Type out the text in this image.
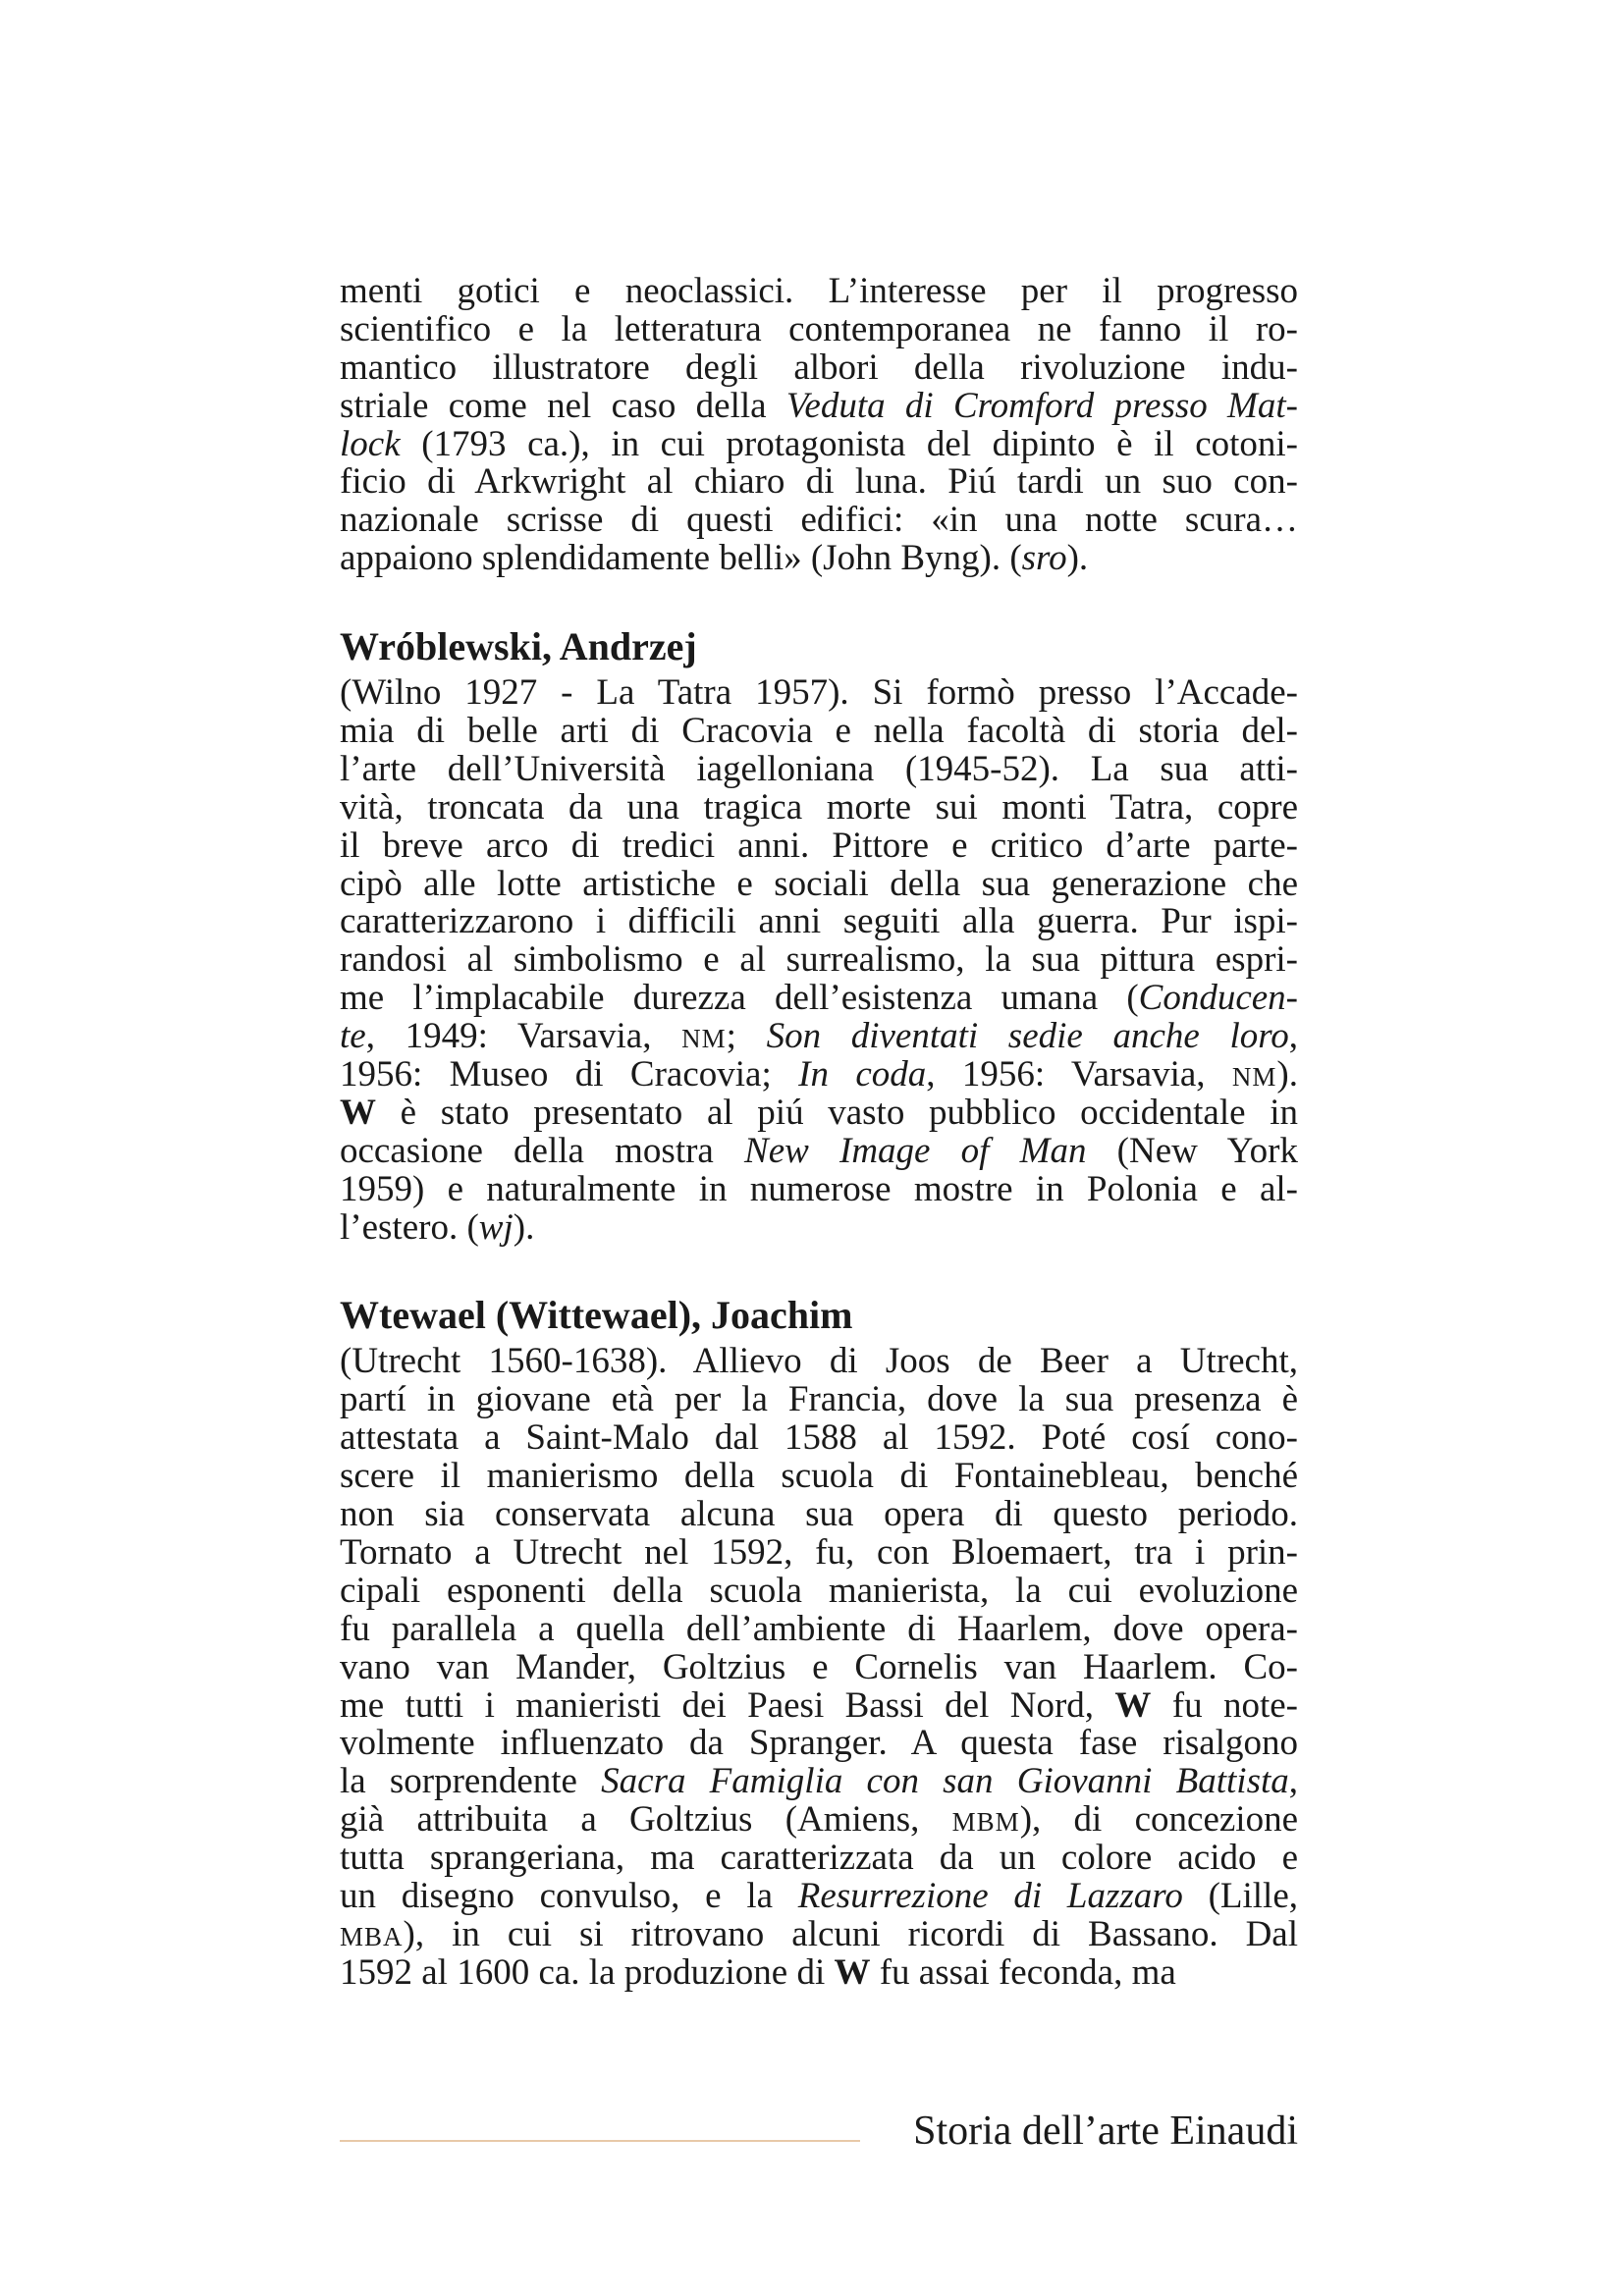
menti gotici e neoclassici. L’interesse per il progresso
scientifico e la letteratura contemporanea ne fanno il ro-
mantico illustratore degli albori della rivoluzione indu-
striale come nel caso della Veduta di Cromford presso Mat-
lock (1793 ca.), in cui protagonista del dipinto è il cotoni-
ficio di Arkwright al chiaro di luna. Piú tardi un suo con-
nazionale scrisse di questi edifici: «in una notte scura…
appaiono splendidamente belli» (John Byng). (sro).
Wróblewski, Andrzej
(Wilno 1927 - La Tatra 1957). Si formò presso l’Accade-
mia di belle arti di Cracovia e nella facoltà di storia del-
l’arte dell’Università iagelloniana (1945-52). La sua atti-
vità, troncata da una tragica morte sui monti Tatra, copre
il breve arco di tredici anni. Pittore e critico d’arte parte-
cipò alle lotte artistiche e sociali della sua generazione che
caratterizzarono i difficili anni seguiti alla guerra. Pur ispi-
randosi al simbolismo e al surrealismo, la sua pittura espri-
me l’implacabile durezza dell’esistenza umana (Conducen-
te, 1949: Varsavia, NM; Son diventati sedie anche loro,
1956: Museo di Cracovia; In coda, 1956: Varsavia, NM).
W è stato presentato al piú vasto pubblico occidentale in
occasione della mostra New Image of Man (New York
1959) e naturalmente in numerose mostre in Polonia e al-
l’estero. (wj).
Wtewael (Wittewael), Joachim
(Utrecht 1560-1638). Allievo di Joos de Beer a Utrecht,
partí in giovane età per la Francia, dove la sua presenza è
attestata a Saint-Malo dal 1588 al 1592. Poté cosí cono-
scere il manierismo della scuola di Fontainebleau, benché
non sia conservata alcuna sua opera di questo periodo.
Tornato a Utrecht nel 1592, fu, con Bloemaert, tra i prin-
cipali esponenti della scuola manierista, la cui evoluzione
fu parallela a quella dell’ambiente di Haarlem, dove opera-
vano van Mander, Goltzius e Cornelis van Haarlem. Co-
me tutti i manieristi dei Paesi Bassi del Nord, W fu note-
volmente influenzato da Spranger. A questa fase risalgono
la sorprendente Sacra Famiglia con san Giovanni Battista,
già attribuita a Goltzius (Amiens, MBM), di concezione
tutta sprangeriana, ma caratterizzata da un colore acido e
un disegno convulso, e la Resurrezione di Lazzaro (Lille,
MBA), in cui si ritrovano alcuni ricordi di Bassano. Dal
1592 al 1600 ca. la produzione di W fu assai feconda, ma
Storia dell’arte Einaudi
